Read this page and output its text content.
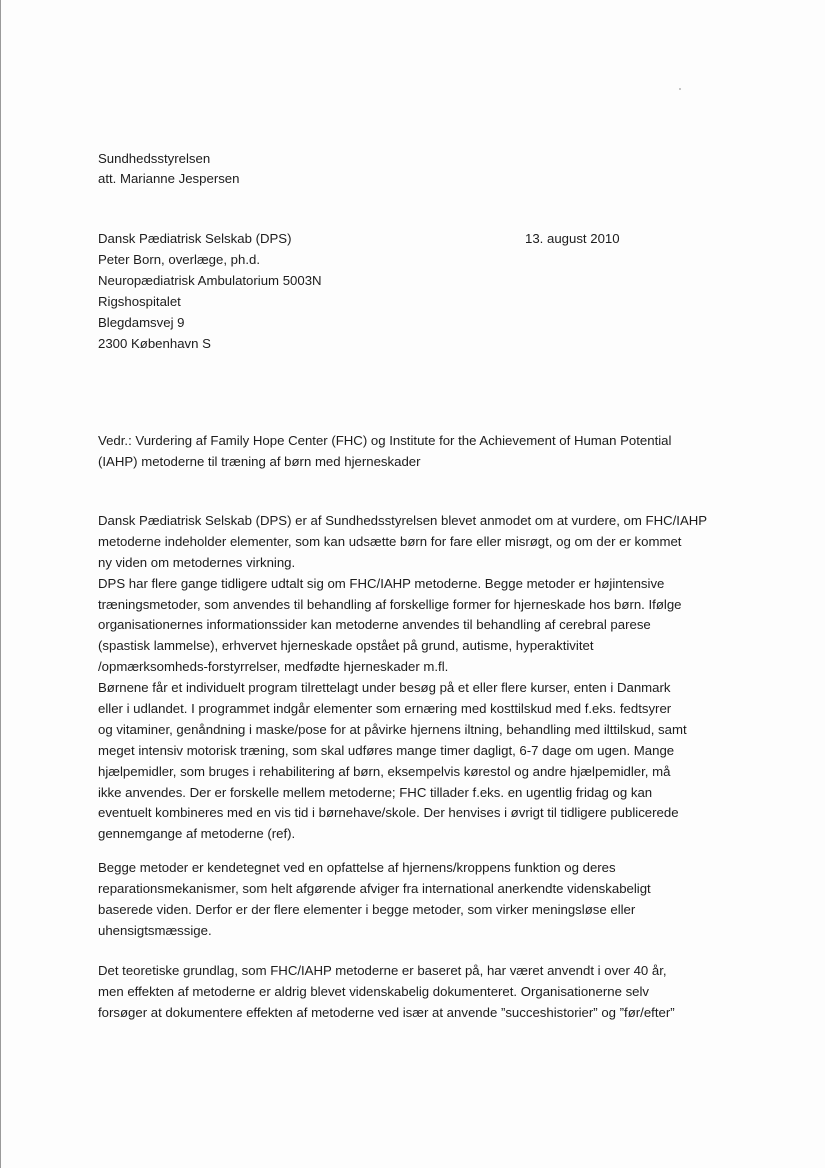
Sundhedsstyrelsen
att. Marianne Jespersen
Dansk Pædiatrisk Selskab (DPS)
Peter Born, overlæge, ph.d.
Neuropædiatrisk Ambulatorium 5003N
Rigshospitalet
Blegdamsvej 9
2300 København S
13. august 2010
Vedr.: Vurdering af Family Hope Center (FHC) og Institute for the Achievement of Human Potential
(IAHP) metoderne til træning af børn med hjerneskader
Dansk Pædiatrisk Selskab (DPS) er af Sundhedsstyrelsen blevet anmodet om at vurdere, om FHC/IAHP
metoderne indeholder elementer, som kan udsætte børn for fare eller misrøgt, og om der er kommet
ny viden om metodernes virkning.
DPS har flere gange tidligere udtalt sig om FHC/IAHP metoderne. Begge metoder er højintensive
træningsmetoder, som anvendes til behandling af forskellige former for hjerneskade hos børn. Ifølge
organisationernes informationssider kan metoderne anvendes til behandling af cerebral parese
(spastisk lammelse), erhvervet hjerneskade opstået på grund, autisme, hyperaktivitet
/opmærksomheds-forstyrrelser, medfødte hjerneskader m.fl.
Børnene får et individuelt program tilrettelagt under besøg på et eller flere kurser, enten i Danmark
eller i udlandet. I programmet indgår elementer som ernæring med kosttilskud med f.eks. fedtsyrer
og vitaminer, genåndning i maske/pose for at påvirke hjernens iltning, behandling med ilttilskud, samt
meget intensiv motorisk træning, som skal udføres mange timer dagligt, 6-7 dage om ugen. Mange
hjælpemidler, som bruges i rehabilitering af børn, eksempelvis kørestol og andre hjælpemidler, må
ikke anvendes. Der er forskelle mellem metoderne; FHC tillader f.eks. en ugentlig fridag og kan
eventuelt kombineres med en vis tid i børnehave/skole. Der henvises i øvrigt til tidligere publicerede
gennemgange af metoderne (ref).
Begge metoder er kendetegnet ved en opfattelse af hjernens/kroppens funktion og deres
reparationsmekanismer, som helt afgørende afviger fra international anerkendte videnskabeligt
baserede viden. Derfor er der flere elementer i begge metoder, som virker meningsløse eller
uhensigtsmæssige.
Det teoretiske grundlag, som FHC/IAHP metoderne er baseret på, har været anvendt i over 40 år,
men effekten af metoderne er aldrig blevet videnskabelig dokumenteret. Organisationerne selv
forsøger at dokumentere effekten af metoderne ved især at anvende ”succeshistorier” og ”før/efter”
